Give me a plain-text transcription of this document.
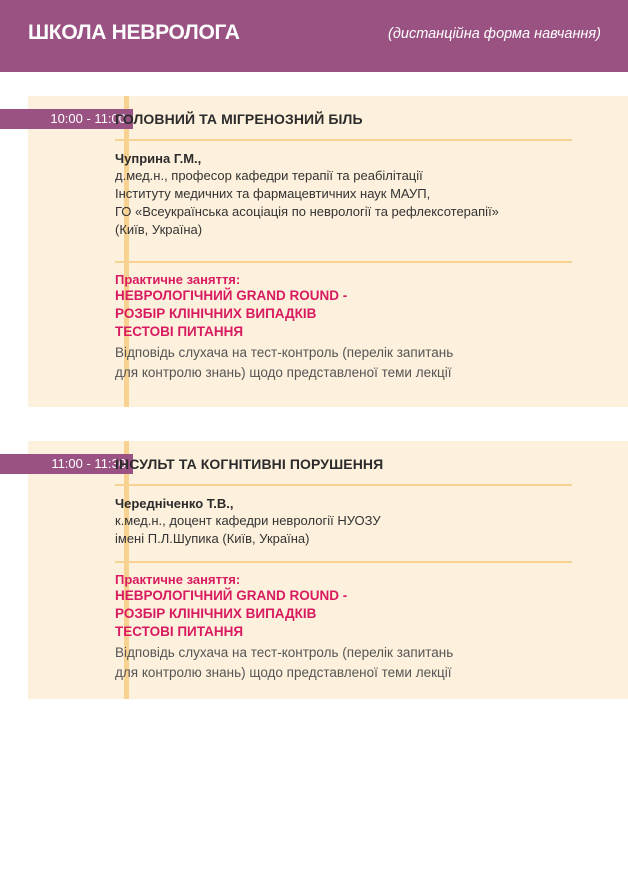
ШКОЛА НЕВРОЛОГА	(дистанційна форма навчання)
10:00 - 11:00
ГОЛОВНИЙ ТА МІГРЕНОЗНИЙ БІЛЬ
Чуприна Г.М.,
д.мед.н., професор кафедри терапії та реабілітації
Інституту медичних та фармацевтичних наук МАУП,
ГО «Всеукраїнська асоціація по неврології та рефлексотерапії»
(Київ, Україна)
Практичне заняття:
НЕВРОЛОГІЧНИЙ GRAND ROUND -
РОЗБІР КЛІНІЧНИХ ВИПАДКІВ
ТЕСТОВІ ПИТАННЯ
Відповідь слухача на тест-контроль (перелік запитань
для контролю знань) щодо представленої теми лекції
11:00 - 11:30
ІНСУЛЬТ ТА КОГНІТИВНІ ПОРУШЕННЯ
Чередніченко Т.В.,
к.мед.н., доцент кафедри неврології НУОЗУ
імені П.Л.Шупика (Київ, Україна)
Практичне заняття:
НЕВРОЛОГІЧНИЙ GRAND ROUND -
РОЗБІР КЛІНІЧНИХ ВИПАДКІВ
ТЕСТОВІ ПИТАННЯ
Відповідь слухача на тест-контроль (перелік запитань
для контролю знань) щодо представленої теми лекції
